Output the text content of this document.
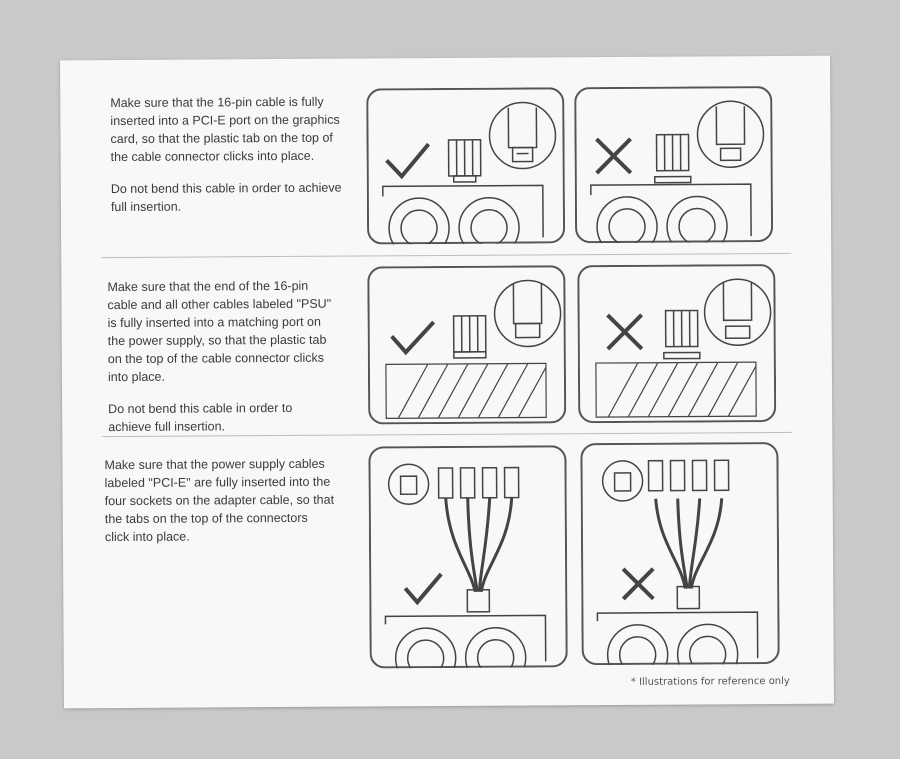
Make sure that the 16-pin cable is fully
inserted into a PCI-E port on the graphics
card, so that the plastic tab on the top of
the cable connector clicks into place.

Do not bend this cable in order to achieve
full insertion.

Make sure that the end of the 16-pin
cable and all other cables labeled "PSU"
is fully inserted into a matching port on
the power supply, so that the plastic tab
on the top of the cable connector clicks
into place.

Do not bend this cable in order to
achieve full insertion.

Make sure that the power supply cables
labeled "PCI-E" are fully inserted into the
four sockets on the adapter cable, so that
the tabs on the top of the connectors
click into place.

* Illustrations for reference only
